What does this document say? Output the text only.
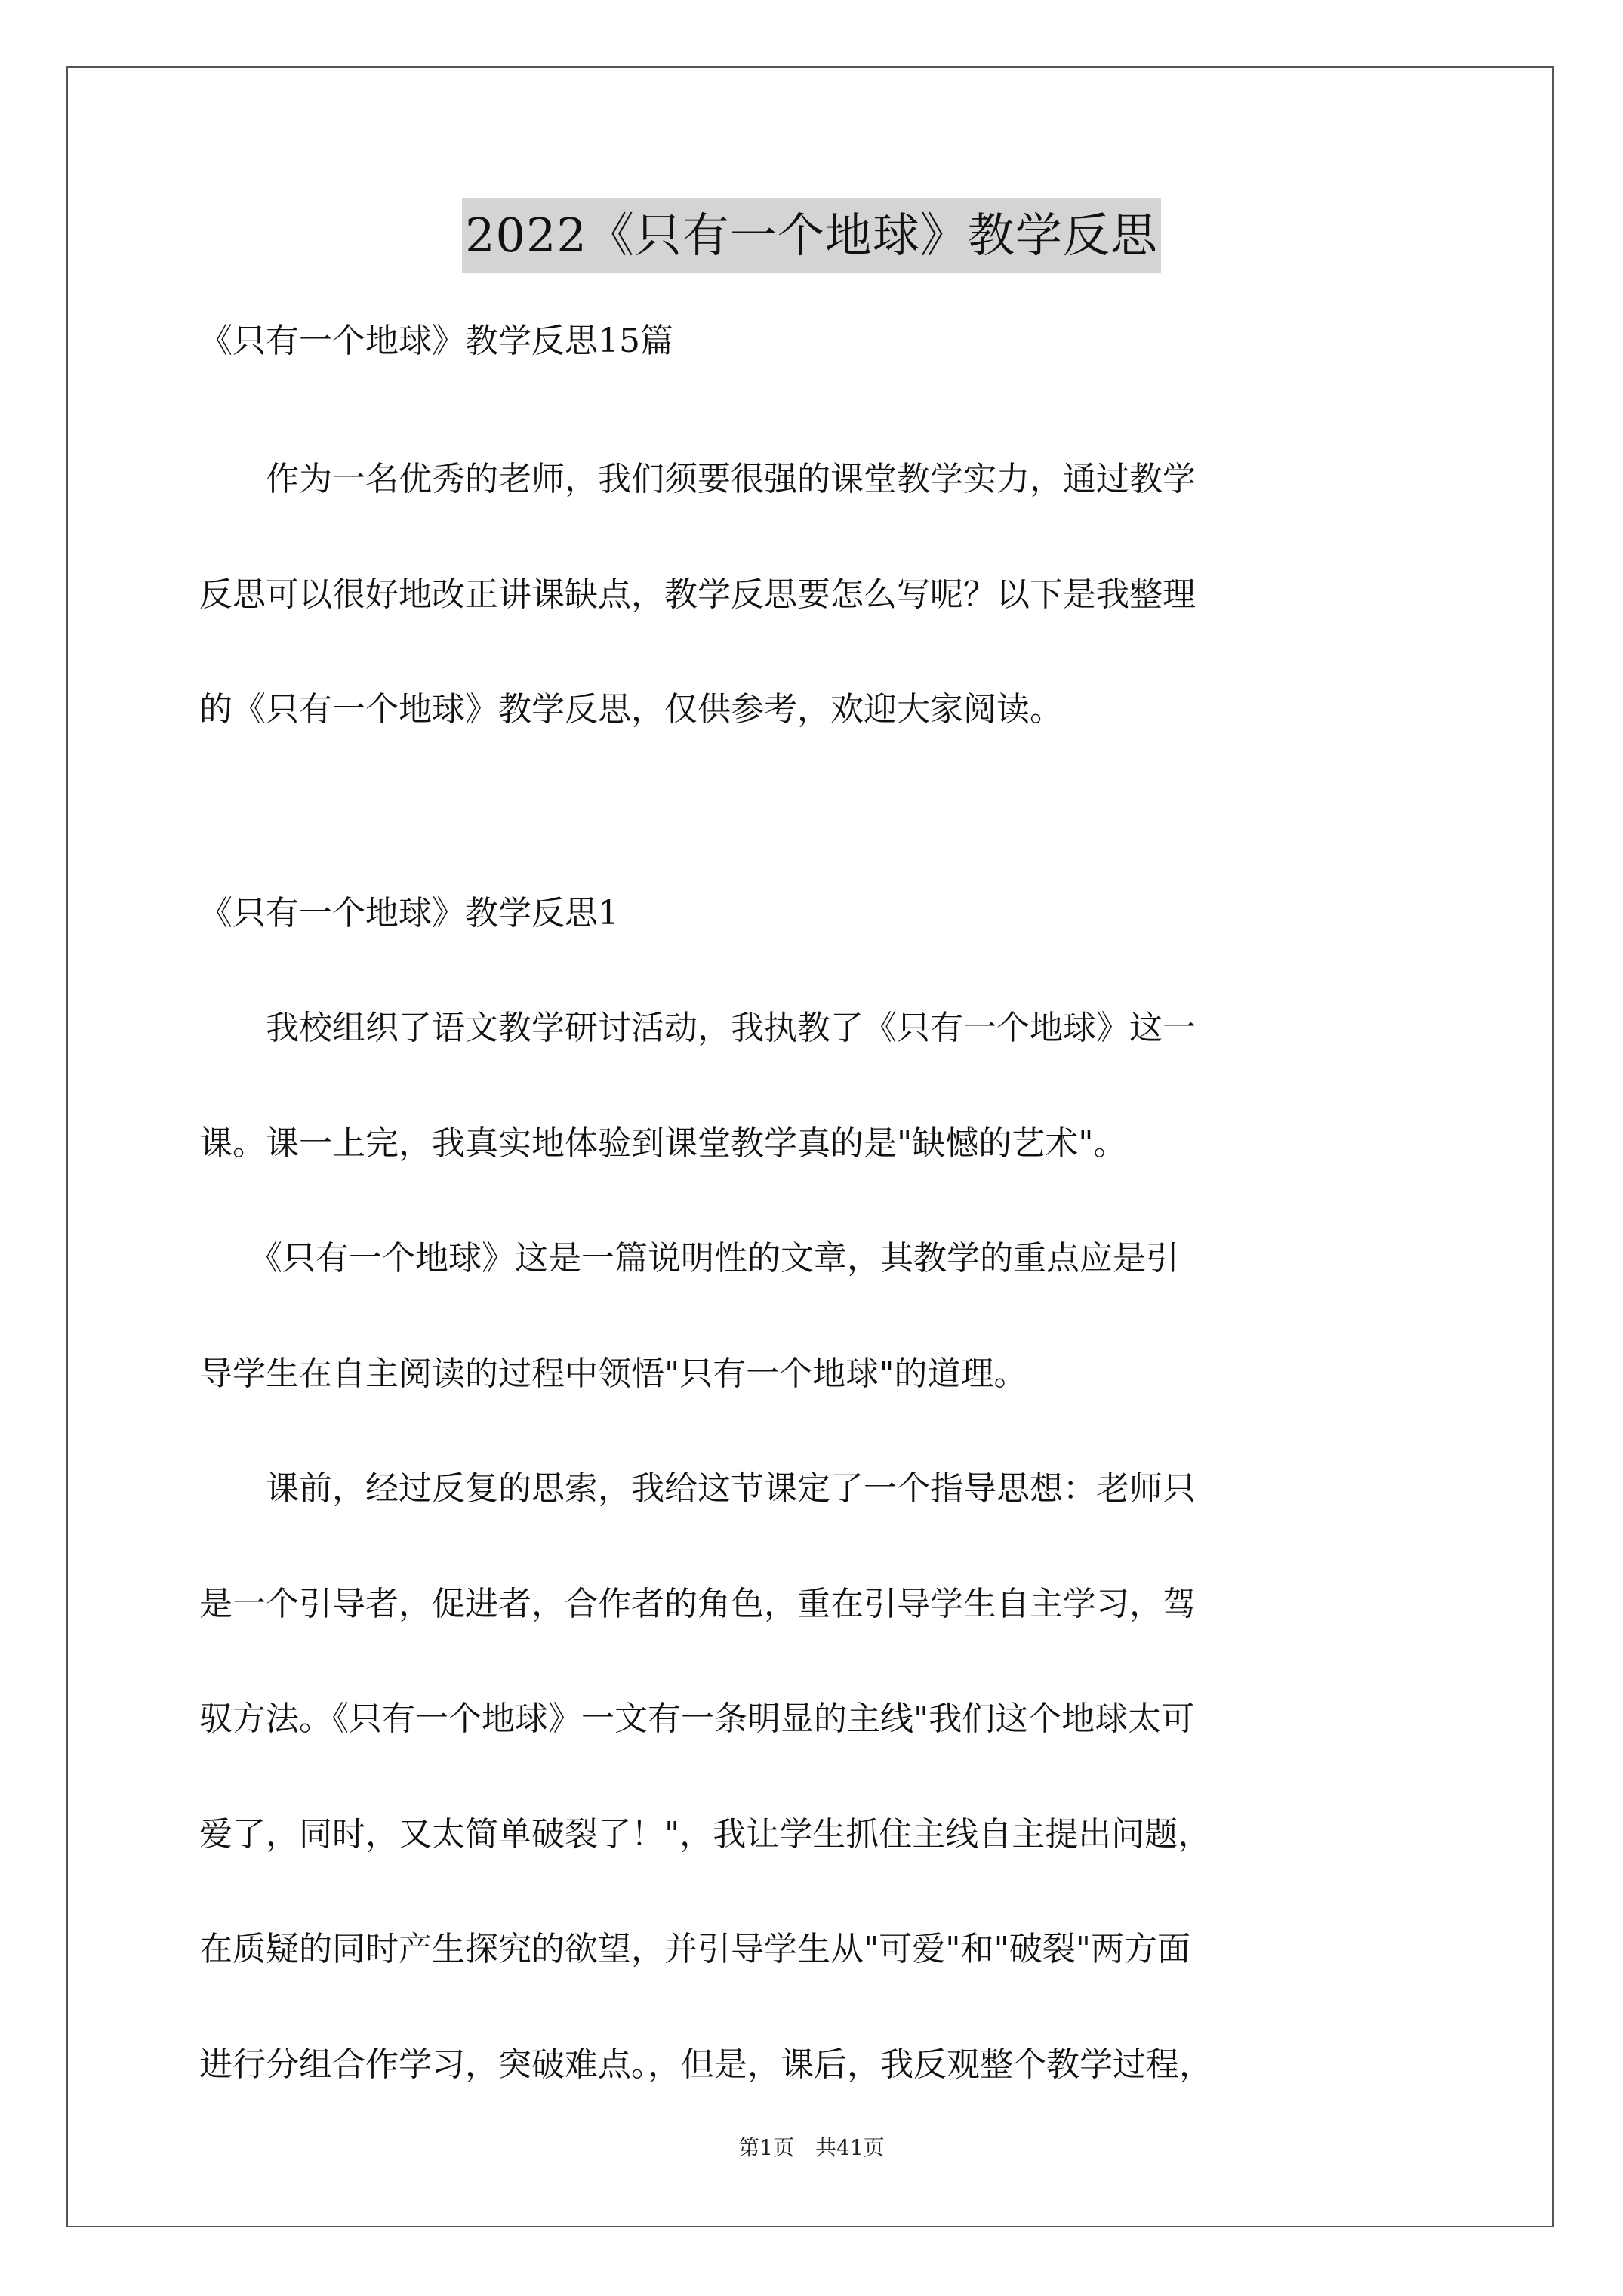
2022《只有一个地球》教学反思
《只有一个地球》教学反思15篇
　　作为一名优秀的老师，我们须要很强的课堂教学实力，通过教学
反思可以很好地改正讲课缺点，教学反思要怎么写呢？以下是我整理
的《只有一个地球》教学反思，仅供参考，欢迎大家阅读。
《只有一个地球》教学反思1
　　我校组织了语文教学研讨活动，我执教了《只有一个地球》这一
课。课一上完，我真实地体验到课堂教学真的是"缺憾的艺术"。
　　《只有一个地球》这是一篇说明性的文章，其教学的重点应是引
导学生在自主阅读的过程中领悟"只有一个地球"的道理。
　　课前，经过反复的思索，我给这节课定了一个指导思想：老师只
是一个引导者，促进者，合作者的角色，重在引导学生自主学习，驾
驭方法。《只有一个地球》一文有一条明显的主线"我们这个地球太可
爱了，同时，又太简单破裂了！"，我让学生抓住主线自主提出问题，
在质疑的同时产生探究的欲望，并引导学生从"可爱"和"破裂"两方面
进行分组合作学习，突破难点。，但是，课后，我反观整个教学过程，
第1页　共41页
